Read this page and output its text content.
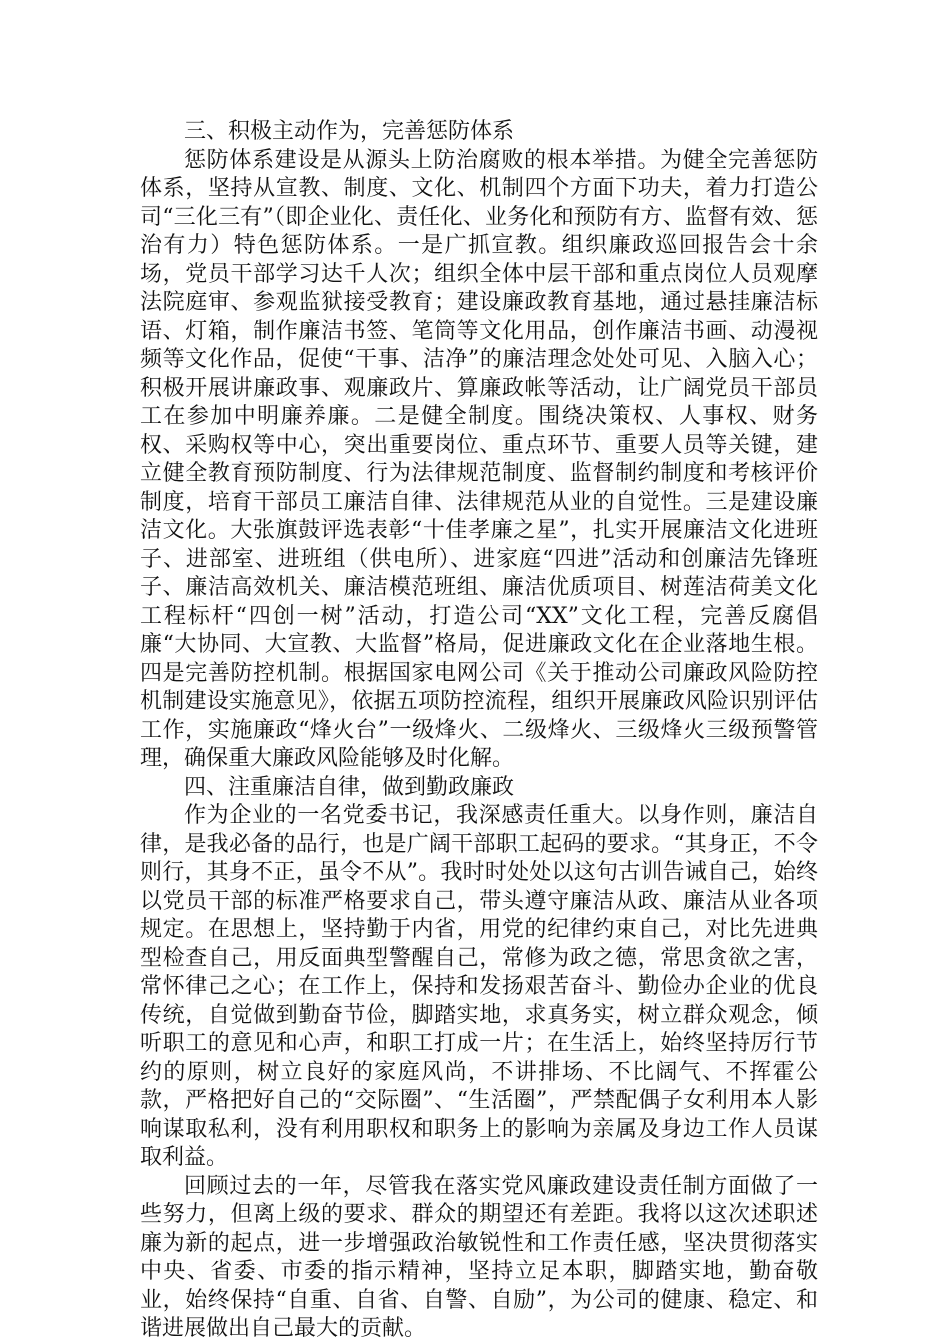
三、积极主动作为，完善惩防体系

惩防体系建设是从源头上防治腐败的根本举措。为健全完善惩防体系，坚持从宣教、制度、文化、机制四个方面下功夫，着力打造公司“三化三有”（即企业化、责任化、业务化和预防有方、监督有效、惩治有力）特色惩防体系。一是广抓宣教。组织廉政巡回报告会十余场，党员干部学习达千人次；组织全体中层干部和重点岗位人员观摩法院庭审、参观监狱接受教育；建设廉政教育基地，通过悬挂廉洁标语、灯箱，制作廉洁书签、笔筒等文化用品，创作廉洁书画、动漫视频等文化作品，促使“干事、洁净”的廉洁理念处处可见、入脑入心；积极开展讲廉政事、观廉政片、算廉政帐等活动，让广阔党员干部员工在参加中明廉养廉。二是健全制度。围绕决策权、人事权、财务权、采购权等中心，突出重要岗位、重点环节、重要人员等关键，建立健全教育预防制度、行为法律规范制度、监督制约制度和考核评价制度，培育干部员工廉洁自律、法律规范从业的自觉性。三是建设廉洁文化。大张旗鼓评选表彰“十佳孝廉之星”，扎实开展廉洁文化进班子、进部室、进班组（供电所）、进家庭“四进”活动和创廉洁先锋班子、廉洁高效机关、廉洁模范班组、廉洁优质项目、树莲洁荷美文化工程标杆“四创一树”活动，打造公司“XX”文化工程，完善反腐倡廉“大协同、大宣教、大监督”格局，促进廉政文化在企业落地生根。四是完善防控机制。根据国家电网公司《关于推动公司廉政风险防控机制建设实施意见》，依据五项防控流程，组织开展廉政风险识别评估工作，实施廉政“烽火台”一级烽火、二级烽火、三级烽火三级预警管理，确保重大廉政风险能够及时化解。

四、注重廉洁自律，做到勤政廉政

作为企业的一名党委书记，我深感责任重大。以身作则，廉洁自律，是我必备的品行，也是广阔干部职工起码的要求。“其身正，不令则行，其身不正，虽令不从”。我时时处处以这句古训告诫自己，始终以党员干部的标准严格要求自己，带头遵守廉洁从政、廉洁从业各项规定。在思想上，坚持勤于内省，用党的纪律约束自己，对比先进典型检查自己，用反面典型警醒自己，常修为政之德，常思贪欲之害，常怀律己之心；在工作上，保持和发扬艰苦奋斗、勤俭办企业的优良传统，自觉做到勤奋节俭，脚踏实地，求真务实，树立群众观念，倾听职工的意见和心声，和职工打成一片；在生活上，始终坚持厉行节约的原则，树立良好的家庭风尚，不讲排场、不比阔气、不挥霍公款，严格把好自己的“交际圈”、“生活圈”，严禁配偶子女利用本人影响谋取私利，没有利用职权和职务上的影响为亲属及身边工作人员谋取利益。

回顾过去的一年，尽管我在落实党风廉政建设责任制方面做了一些努力，但离上级的要求、群众的期望还有差距。我将以这次述职述廉为新的起点，进一步增强政治敏锐性和工作责任感，坚决贯彻落实中央、省委、市委的指示精神，坚持立足本职，脚踏实地，勤奋敬业，始终保持“自重、自省、自警、自励”，为公司的健康、稳定、和谐进展做出自己最大的贡献。
